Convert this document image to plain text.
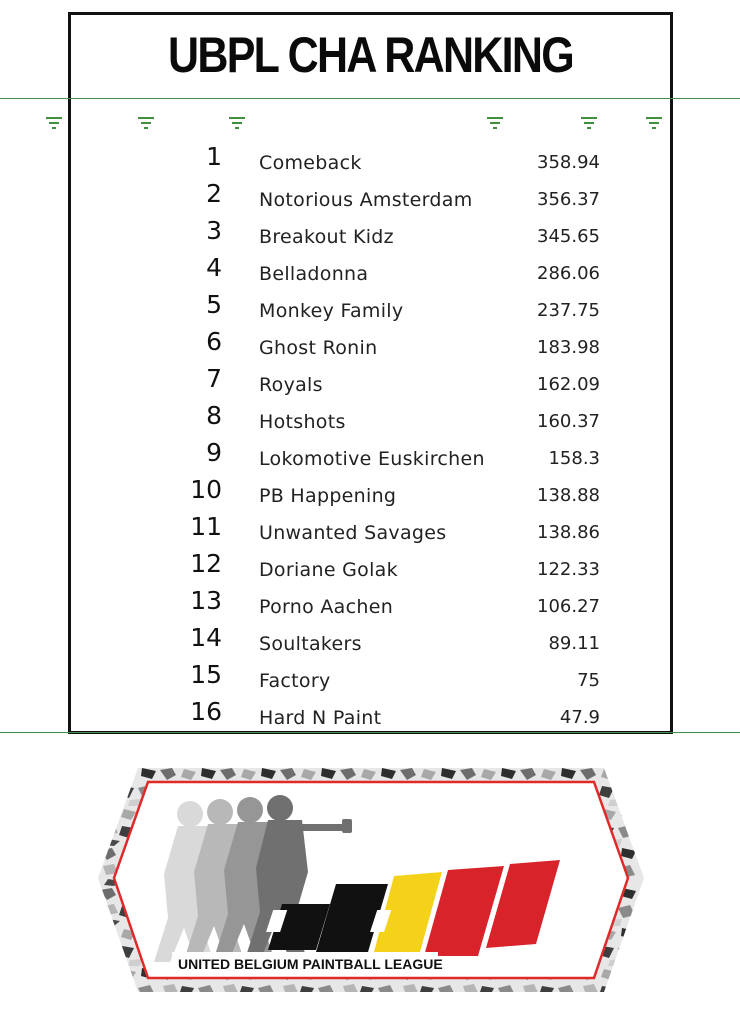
UBPL CHA RANKING
1 Comeback	358.94
2 Notorious Amsterdam	356.37
3 Breakout Kidz	345.65
4 Belladonna	286.06
5 Monkey Family	237.75
6 Ghost Ronin	183.98
7 Royals	162.09
8 Hotshots	160.37
9 Lokomotive Euskirchen	158.3
10 PB Happening	138.88
11 Unwanted Savages	138.86
12 Doriane Golak	122.33
13 Porno Aachen	106.27
14 Soultakers	89.11
15 Factory	75
16 Hard N Paint	47.9
UNITED BELGIUM PAINTBALL LEAGUE
